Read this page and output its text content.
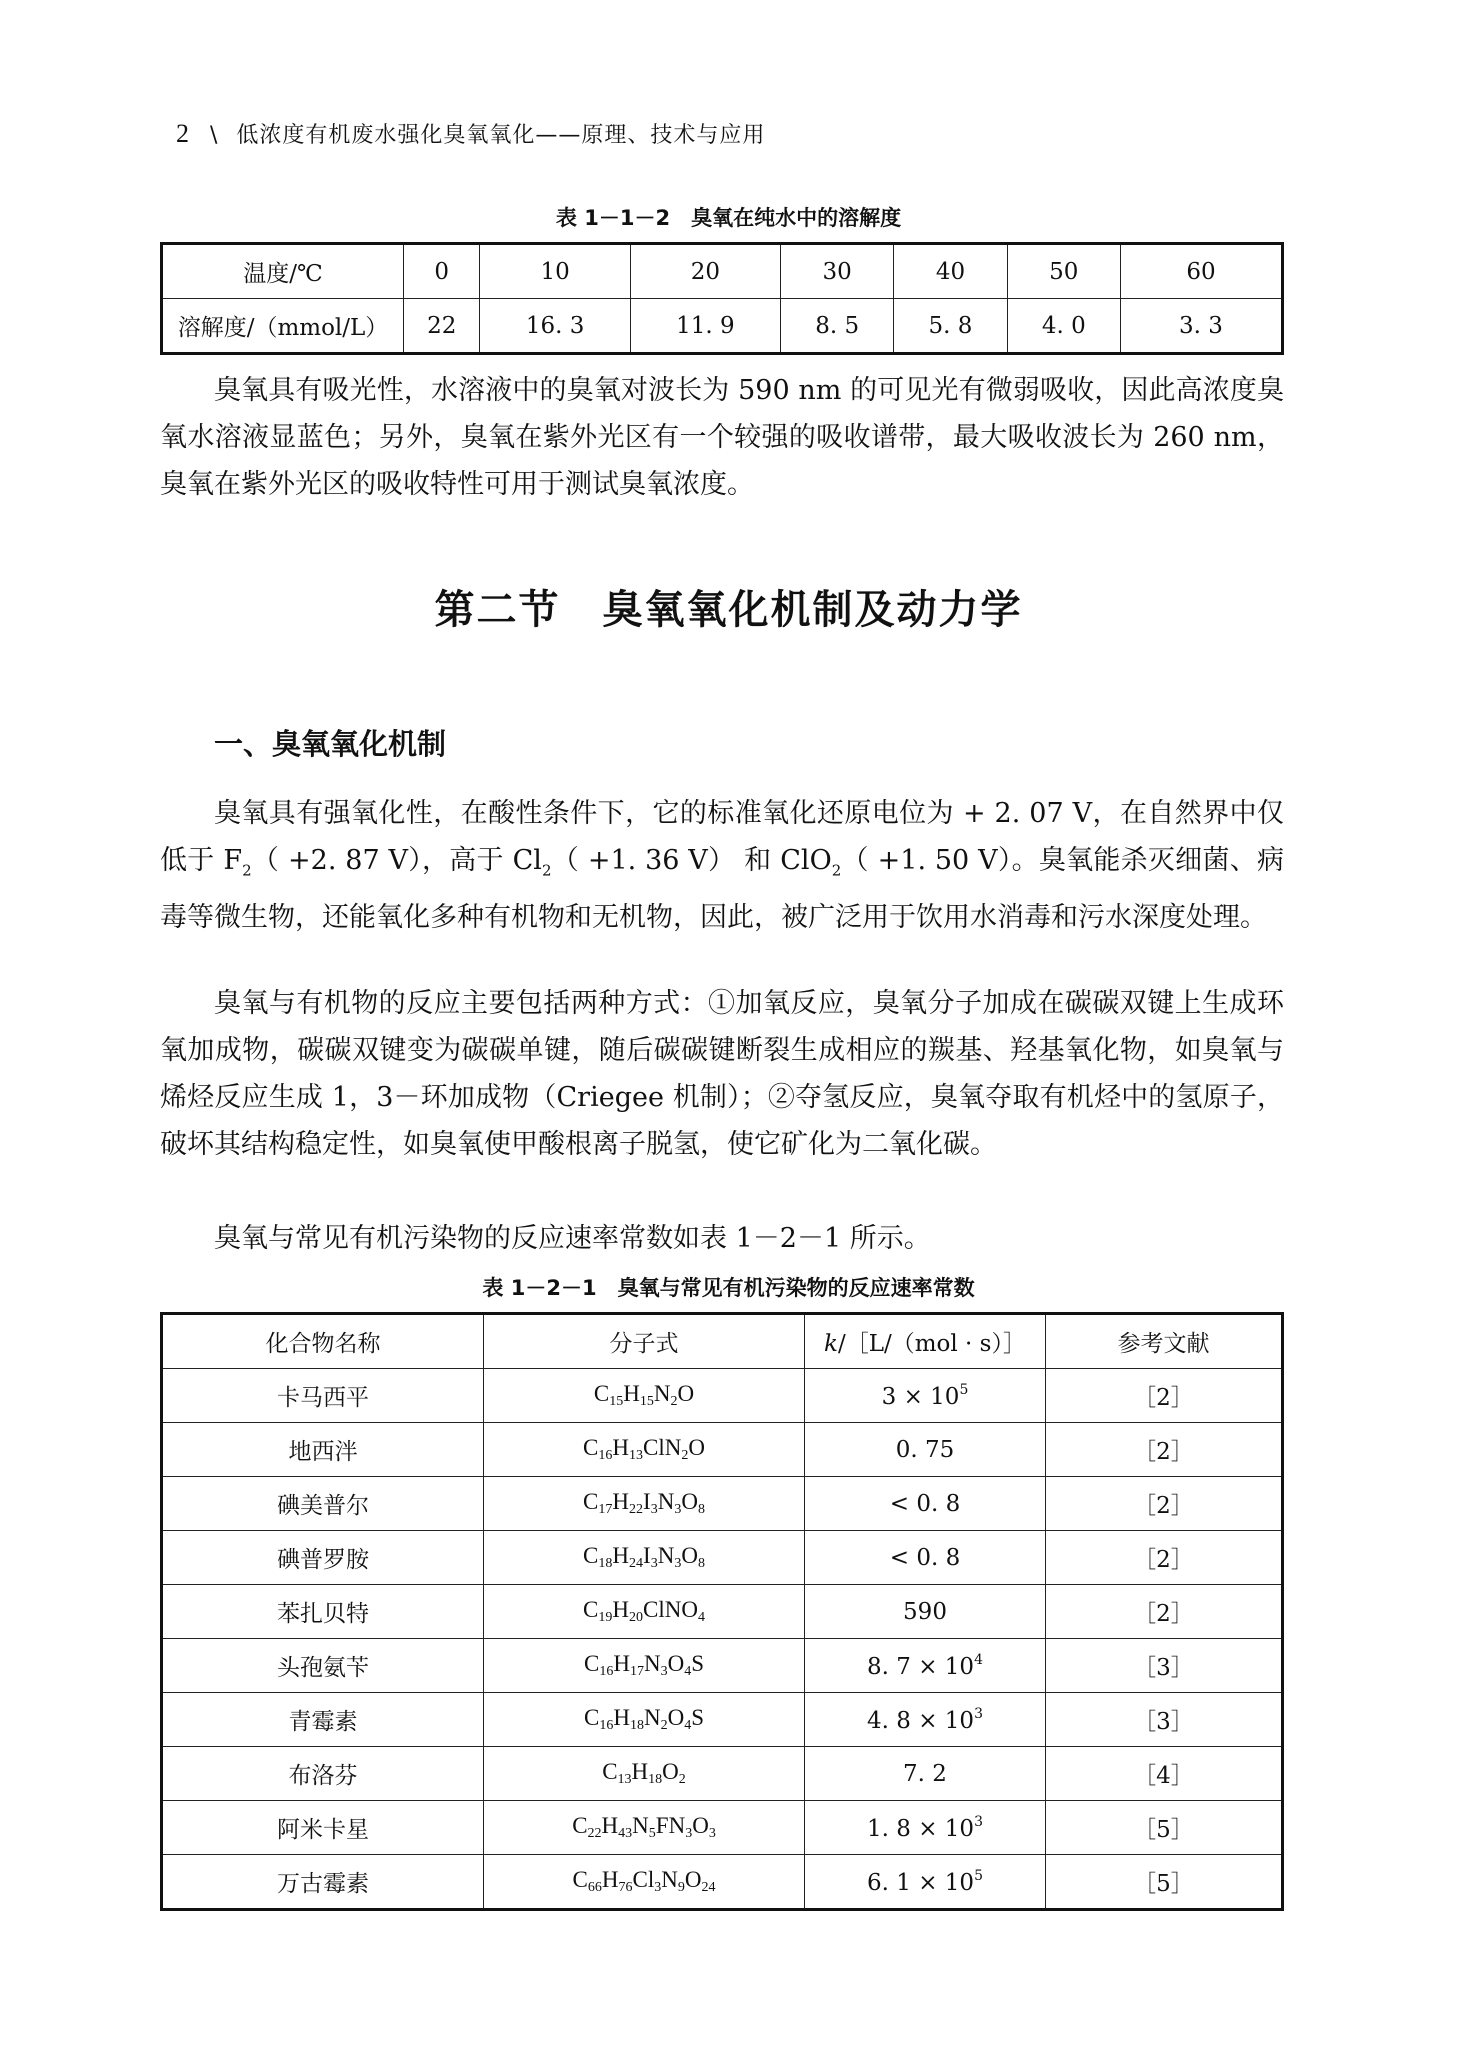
2 \ 低浓度有机废水强化臭氧氧化——原理、技术与应用
表 1－1－2　臭氧在纯水中的溶解度
温度/℃	0	10	20	30	40	50	60
溶解度/（mmol/L）	22	16. 3	11. 9	8. 5	5. 8	4. 0	3. 3

臭氧具有吸光性，水溶液中的臭氧对波长为 590 nm 的可见光有微弱吸收，因此高浓度臭氧水溶液显蓝色；另外，臭氧在紫外光区有一个较强的吸收谱带，最大吸收波长为 260 nm，臭氧在紫外光区的吸收特性可用于测试臭氧浓度。

第二节　臭氧氧化机制及动力学
一、臭氧氧化机制

臭氧具有强氧化性，在酸性条件下，它的标准氧化还原电位为 + 2. 07 V，在自然界中仅低于 $F_2( +2$. 87 V），高于 $Cl_2( +1$. 36 V） 和 ClO$_2$（ +1. 50 V）。臭氧能杀灭细菌、病毒等微生物，还能氧化多种有机物和无机物，因此，被广泛用于饮用水消毒和污水深度处理。

臭氧与有机物的反应主要包括两种方式：①加氧反应，臭氧分子加成在碳碳双键上生成环氧加成物，碳碳双键变为碳碳单键，随后碳碳键断裂生成相应的羰基、羟基氧化物，如臭氧与烯烃反应生成 1，3－环加成物（Criegee 机制）；②夺氢反应，臭氧夺取有机烃中的氢原子，破坏其结构稳定性，如臭氧使甲酸根离子脱氢，使它矿化为二氧化碳。

臭氧与常见有机污染物的反应速率常数如表 1－2－1 所示。

表 1－2－1　臭氧与常见有机污染物的反应速率常数
化合物名称	分子式	k/［L/（mol · s）］	参考文献
卡马西平	$C_{15}H_{15}N_2O$	$3 \times 10^5$	［2］
地西泮	$C_{16}H_{13}ClN_2O$	0. 75	［2］
碘美普尔	$C_{17}H_{22}I_3N_3O_8$	< 0. 8	［2］
碘普罗胺	$C_{18}H_{24}I_3N_3O_8$	< 0. 8	［2］
苯扎贝特	$C_{19}H_{20}ClNO_4$	590	［2］
头孢氨苄	$C_{16}H_{17}N_3O_4S$	8. $7 \times 10^4$	［3］
青霉素	$C_{16}H_{18}N_2O_4S$	4. $8 \times 10^3$	［3］
布洛芬	$C_{13}H_{18}O_2$	7. 2	［4］
阿米卡星	$C_{22}H_{43}N_5FN_3O_3$	1. $8 \times 10^3$	［5］
万古霉素	$C_{66}H_{76}Cl_3N_9O_{24}$	6. $1 \times 10^5$	［5］
